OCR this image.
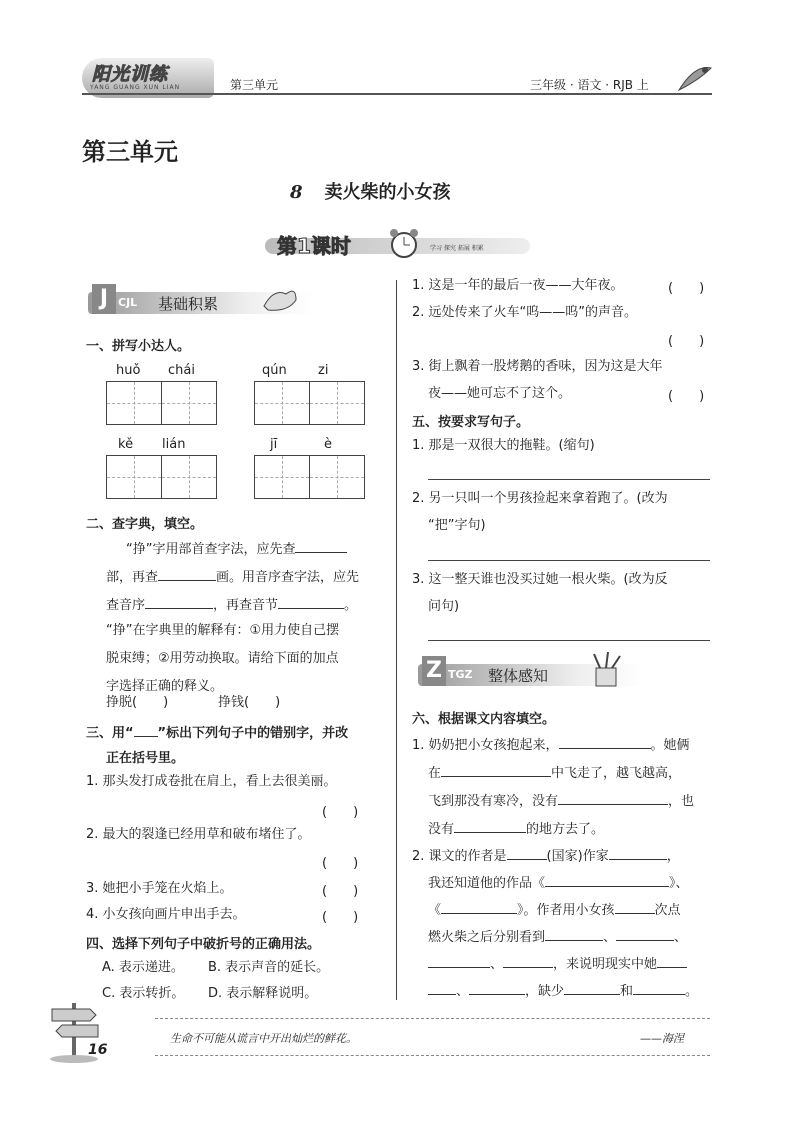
阳光训练
YANG GUANG XUN LIAN	第三单元	三年级 · 语文 · RJB 上
第三单元
8 卖火柴的小女孩
第1课时	学习 探究 拓展 积累
J CJL 基础积累
一、拼写小达人。
huǒ chái	qún zi
kě lián	jī	è
二、查字典，填空。
“挣”字用部首查字法，应先查
部，再查	画。用音序查字法，应先
查音序	，再查音节	。
“挣”在字典里的解释有：①用力使自己摆
脱束缚；②用劳动换取。请给下面的加点
字选择正确的释义。
挣脱(　　)	挣钱(　　)
三、用“ ”标出下列句子中的错别字，并改
正在括号里。
1. 那头发打成卷批在肩上，看上去很美丽。
(　　)
2. 最大的裂逢已经用草和破布堵住了。
(　　)
3. 她把小手笼在火焰上。	(　　)
4. 小女孩向画片申出手去。	(　　)
四、选择下列句子中破折号的正确用法。
A. 表示递进。 B. 表示声音的延长。
C. 表示转折。 D. 表示解释说明。
1. 这是一年的最后一夜——大年夜。	(　　)
2. 远处传来了火车“呜——呜”的声音。
(　　)
3. 街上飘着一股烤鹅的香味，因为这是大年
夜——她可忘不了这个。	(　　)
五、按要求写句子。
1. 那是一双很大的拖鞋。(缩句)
2. 另一只叫一个男孩捡起来拿着跑了。(改为
“把”字句)
3. 这一整天谁也没买过她一根火柴。(改为反
问句)
Z TGZ 整体感知
六、根据课文内容填空。
1. 奶奶把小女孩抱起来，	。她俩
在	中飞走了，越飞越高，
飞到那没有寒冷，没有	，也
没有	的地方去了。
2. 课文的作者是	(国家)作家	，
我还知道他的作品《	》、
《	》。作者用小女孩	次点
燃火柴之后分别看到	、	、
、	，来说明现实中她
、	，缺少	和	。
16
生命不可能从谎言中开出灿烂的鲜花。	——海涅
